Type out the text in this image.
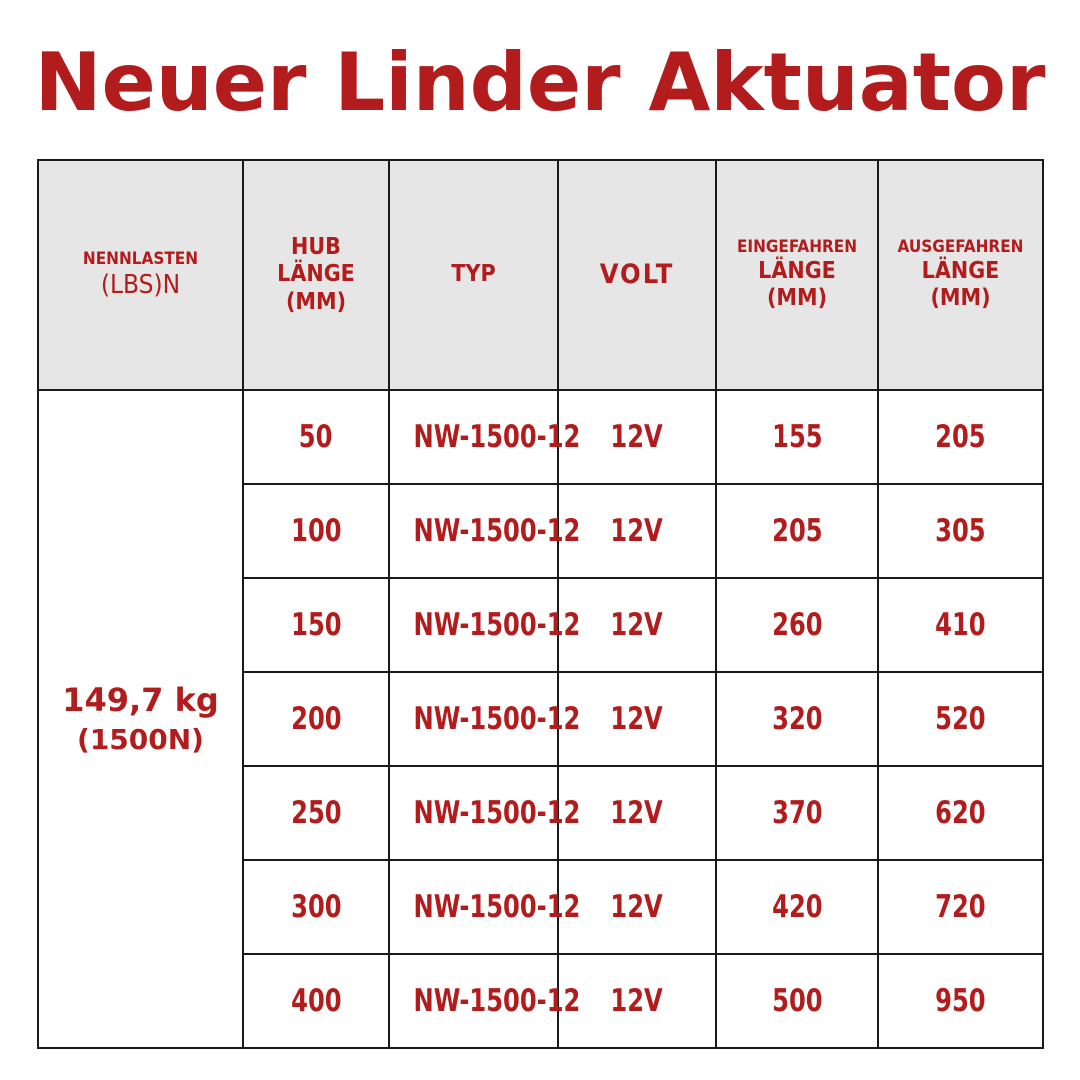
Neuer Linder Aktuator
NENNLASTEN
(LBS)N	HUB
LÄNGE
(MM)	TYP	VOLT	EINGEFAHREN
LÄNGE
(MM)	AUSGEFAHREN
LÄNGE
(MM)

149,7 kg
(1500N)	50	NW-1500-12	12V	155	205
	100	NW-1500-12	12V	205	305
	150	NW-1500-12	12V	260	410
	200	NW-1500-12	12V	320	520
	250	NW-1500-12	12V	370	620
	300	NW-1500-12	12V	420	720
	400	NW-1500-12	12V	500	950
